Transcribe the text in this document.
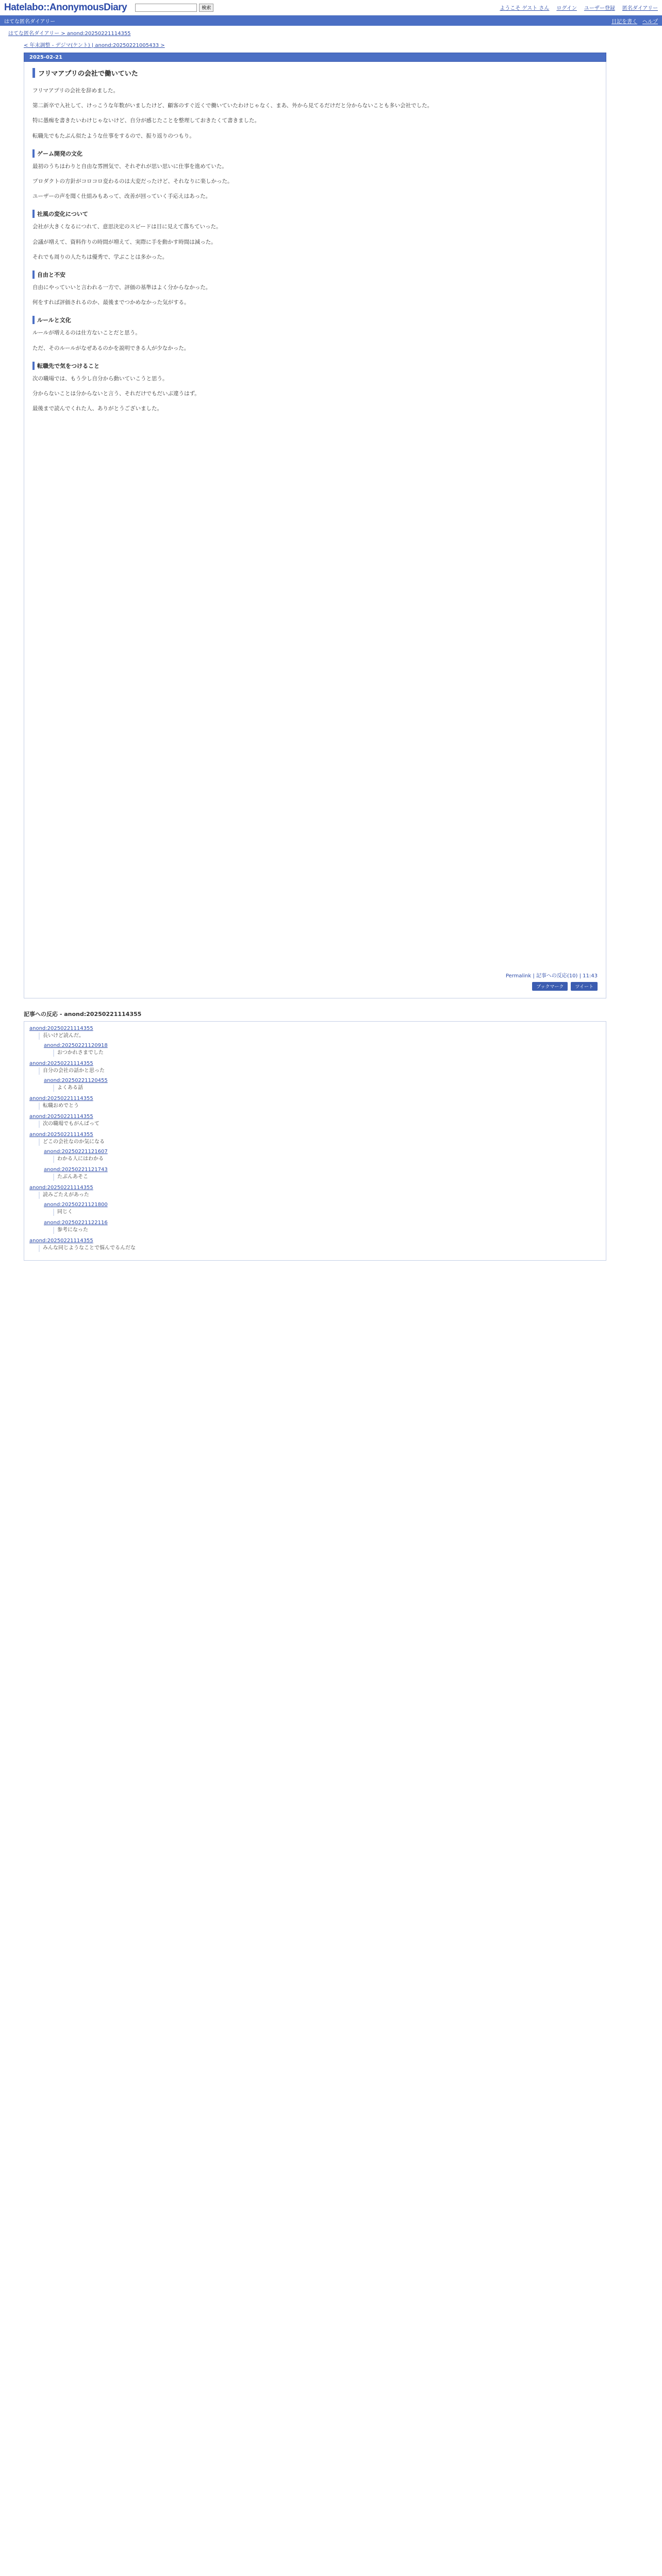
Hatelabo::AnonymousDiary	検索	ようこそ ゲスト さん ログイン ユーザー登録 匿名ダイアリー
はてな匿名ダイアリー	日記を書く ヘルプ
はてな匿名ダイアリー > anond:20250221114355
< 年末調整 - デジマ(ケント) | anond:20250221005433 >
2025-02-21
フリマアプリの会社で働いていた

フリマアプリの会社を辞めました。

第二新卒で入社して、けっこうな年数がいましたけど、顧客のすぐ近くで働いていたわけじゃなく、まあ、外から見てるだけだと分からないことも多い会社でした。

特に愚痴を書きたいわけじゃないけど、自分が感じたことを整理しておきたくて書きました。

転職先でもたぶん似たような仕事をするので、振り返りのつもり。

ゲーム開発の文化

最初のうちはわりと自由な雰囲気で、それぞれが思い思いに仕事を進めていた。

プロダクトの方針がコロコロ変わるのは大変だったけど、それなりに楽しかった。

ユーザーの声を聞く仕組みもあって、改善が回っていく手応えはあった。

社風の変化について

会社が大きくなるにつれて、意思決定のスピードは目に見えて落ちていった。

会議が増えて、資料作りの時間が増えて、実際に手を動かす時間は減った。

それでも周りの人たちは優秀で、学ぶことは多かった。

自由と不安

自由にやっていいと言われる一方で、評価の基準はよく分からなかった。

何をすれば評価されるのか、最後までつかめなかった気がする。

ルールと文化

ルールが増えるのは仕方ないことだと思う。

ただ、そのルールがなぜあるのかを説明できる人が少なかった。

転職先で気をつけること

次の職場では、もう少し自分から動いていこうと思う。

分からないことは分からないと言う、それだけでもだいぶ違うはず。

最後まで読んでくれた人、ありがとうございました。

Permalink | 記事への反応(10) | 11:43
ブックマーク	ツイート
記事への反応 - anond:20250221114355
anond:20250221114355
長いけど読んだ。
anond:20250221120918
おつかれさまでした
anond:20250221114355
自分の会社の話かと思った
anond:20250221120455
よくある話
anond:20250221114355
転職おめでとう
anond:20250221114355
次の職場でもがんばって
anond:20250221114355
どこの会社なのか気になる
anond:20250221121607
わかる人にはわかる
anond:20250221121743
たぶんあそこ
anond:20250221114355
読みごたえがあった
anond:20250221121800
同じく
anond:20250221122116
参考になった
anond:20250221114355
みんな同じようなことで悩んでるんだな
